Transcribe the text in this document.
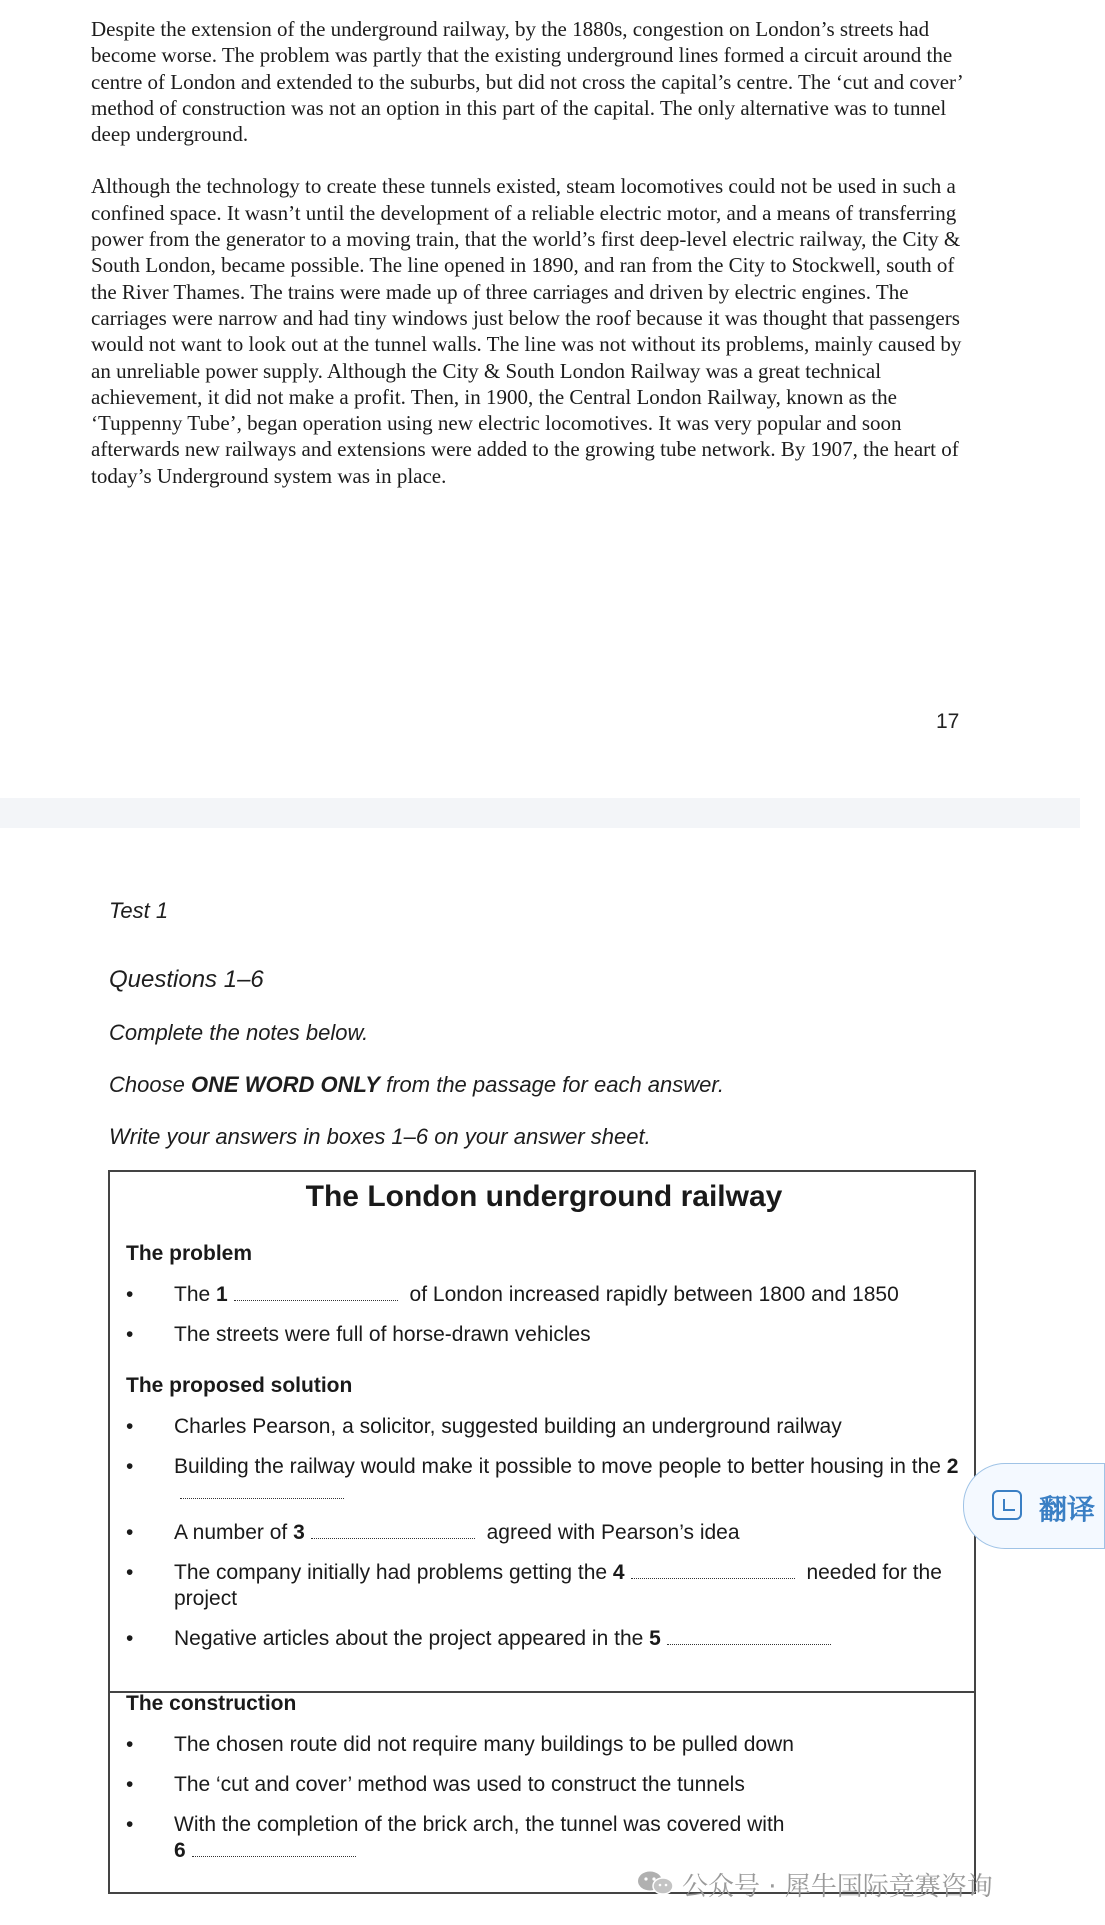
Despite the extension of the underground railway, by the 1880s, congestion on London’s streets had become worse. The problem was partly that the existing underground lines formed a circuit around the centre of London and extended to the suburbs, but did not cross the capital’s centre. The ‘cut and cover’ method of construction was not an option in this part of the capital. The only alternative was to tunnel deep underground.

Although the technology to create these tunnels existed, steam locomotives could not be used in such a confined space. It wasn’t until the development of a reliable electric motor, and a means of transferring power from the generator to a moving train, that the world’s first deep-level electric railway, the City & South London, became possible. The line opened in 1890, and ran from the City to Stockwell, south of the River Thames. The trains were made up of three carriages and driven by electric engines. The carriages were narrow and had tiny windows just below the roof because it was thought that passengers would not want to look out at the tunnel walls. The line was not without its problems, mainly caused by an unreliable power supply. Although the City & South London Railway was a great technical achievement, it did not make a profit. Then, in 1900, the Central London Railway, known as the ‘Tuppenny Tube’, began operation using new electric locomotives. It was very popular and soon afterwards new railways and extensions were added to the growing tube network. By 1907, the heart of today’s Underground system was in place.

17
Test 1
Questions 1–6
Complete the notes below.
Choose ONE WORD ONLY from the passage for each answer.
Write your answers in boxes 1–6 on your answer sheet.
The London underground railway
The problem
•	The 1	of London increased rapidly between 1800 and 1850
•	The streets were full of horse-drawn vehicles
The proposed solution
•	Charles Pearson, a solicitor, suggested building an underground railway
•	Building the railway would make it possible to move people to better housing in the 2
•	A number of 3	agreed with Pearson’s idea
•	The company initially had problems getting the 4	needed for the project
•	Negative articles about the project appeared in the 5
The construction
•	The chosen route did not require many buildings to be pulled down
•	The ‘cut and cover’ method was used to construct the tunnels
•	With the completion of the brick arch, the tunnel was covered with
6
翻译
公众号 · 犀牛国际竞赛咨询
